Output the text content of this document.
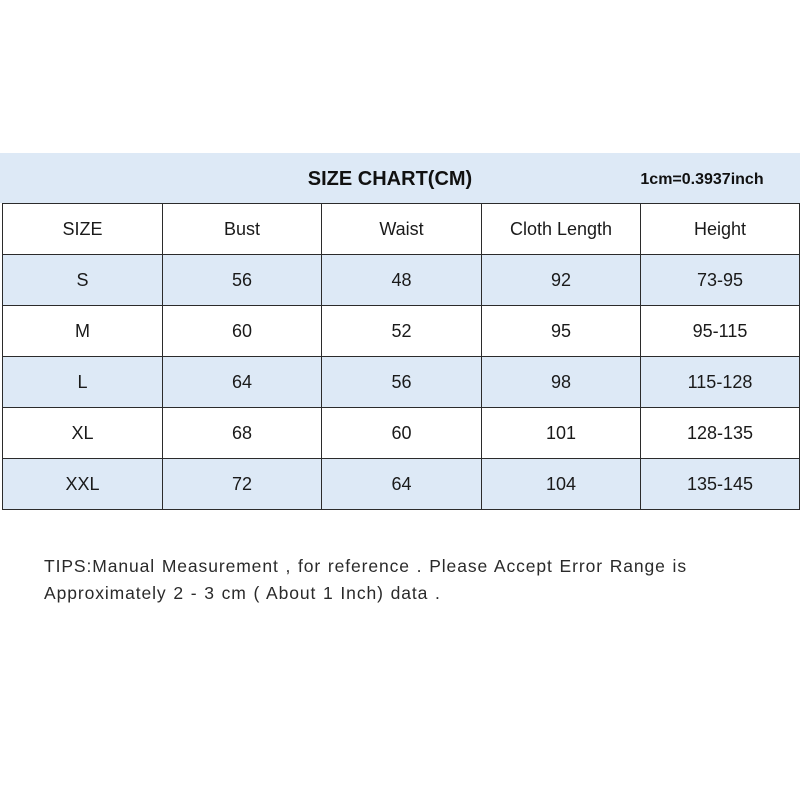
SIZE CHART(CM)	1cm=0.3937inch
SIZE	Bust	Waist	Cloth Length	Height
S	56	48	92	73-95
M	60	52	95	95-115
L	64	56	98	115-128
XL	68	60	101	128-135
XXL	72	64	104	135-145

TIPS:Manual Measurement , for reference . Please Accept Error Range is Approximately 2 - 3 cm ( About 1 Inch) data .
